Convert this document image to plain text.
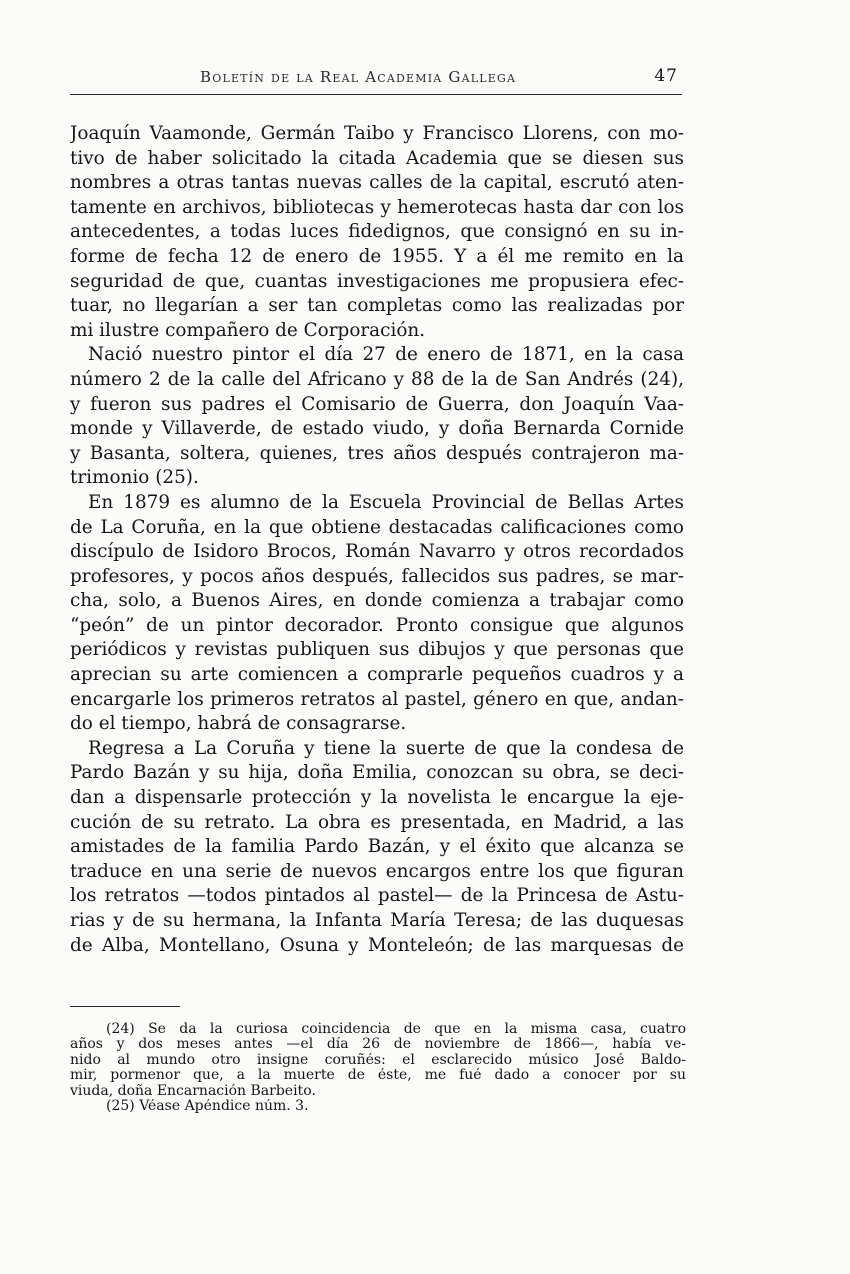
Boletín de la Real Academia Gallega	47
Joaquín Vaamonde, Germán Taibo y Francisco Llorens, con mo-
tivo de haber solicitado la citada Academia que se diesen sus
nombres a otras tantas nuevas calles de la capital, escrutó aten-
tamente en archivos, bibliotecas y hemerotecas hasta dar con los
antecedentes, a todas luces fidedignos, que consignó en su in-
forme de fecha 12 de enero de 1955. Y a él me remito en la
seguridad de que, cuantas investigaciones me propusiera efec-
tuar, no llegarían a ser tan completas como las realizadas por
mi ilustre compañero de Corporación.
Nació nuestro pintor el día 27 de enero de 1871, en la casa
número 2 de la calle del Africano y 88 de la de San Andrés (24),
y fueron sus padres el Comisario de Guerra, don Joaquín Vaa-
monde y Villaverde, de estado viudo, y doña Bernarda Cornide
y Basanta, soltera, quienes, tres años después contrajeron ma-
trimonio (25).
En 1879 es alumno de la Escuela Provincial de Bellas Artes
de La Coruña, en la que obtiene destacadas calificaciones como
discípulo de Isidoro Brocos, Román Navarro y otros recordados
profesores, y pocos años después, fallecidos sus padres, se mar-
cha, solo, a Buenos Aires, en donde comienza a trabajar como
“peón” de un pintor decorador. Pronto consigue que algunos
periódicos y revistas publiquen sus dibujos y que personas que
aprecian su arte comiencen a comprarle pequeños cuadros y a
encargarle los primeros retratos al pastel, género en que, andan-
do el tiempo, habrá de consagrarse.
Regresa a La Coruña y tiene la suerte de que la condesa de
Pardo Bazán y su hija, doña Emilia, conozcan su obra, se deci-
dan a dispensarle protección y la novelista le encargue la eje-
cución de su retrato. La obra es presentada, en Madrid, a las
amistades de la familia Pardo Bazán, y el éxito que alcanza se
traduce en una serie de nuevos encargos entre los que figuran
los retratos —todos pintados al pastel— de la Princesa de Astu-
rias y de su hermana, la Infanta María Teresa; de las duquesas
de Alba, Montellano, Osuna y Monteleón; de las marquesas de
(24) Se da la curiosa coincidencia de que en la misma casa, cuatro
años y dos meses antes —el día 26 de noviembre de 1866—, había ve-
nido al mundo otro insigne coruñés: el esclarecido músico José Baldo-
mir, pormenor que, a la muerte de éste, me fué dado a conocer por su
viuda, doña Encarnación Barbeito.
(25) Véase Apéndice núm. 3.
